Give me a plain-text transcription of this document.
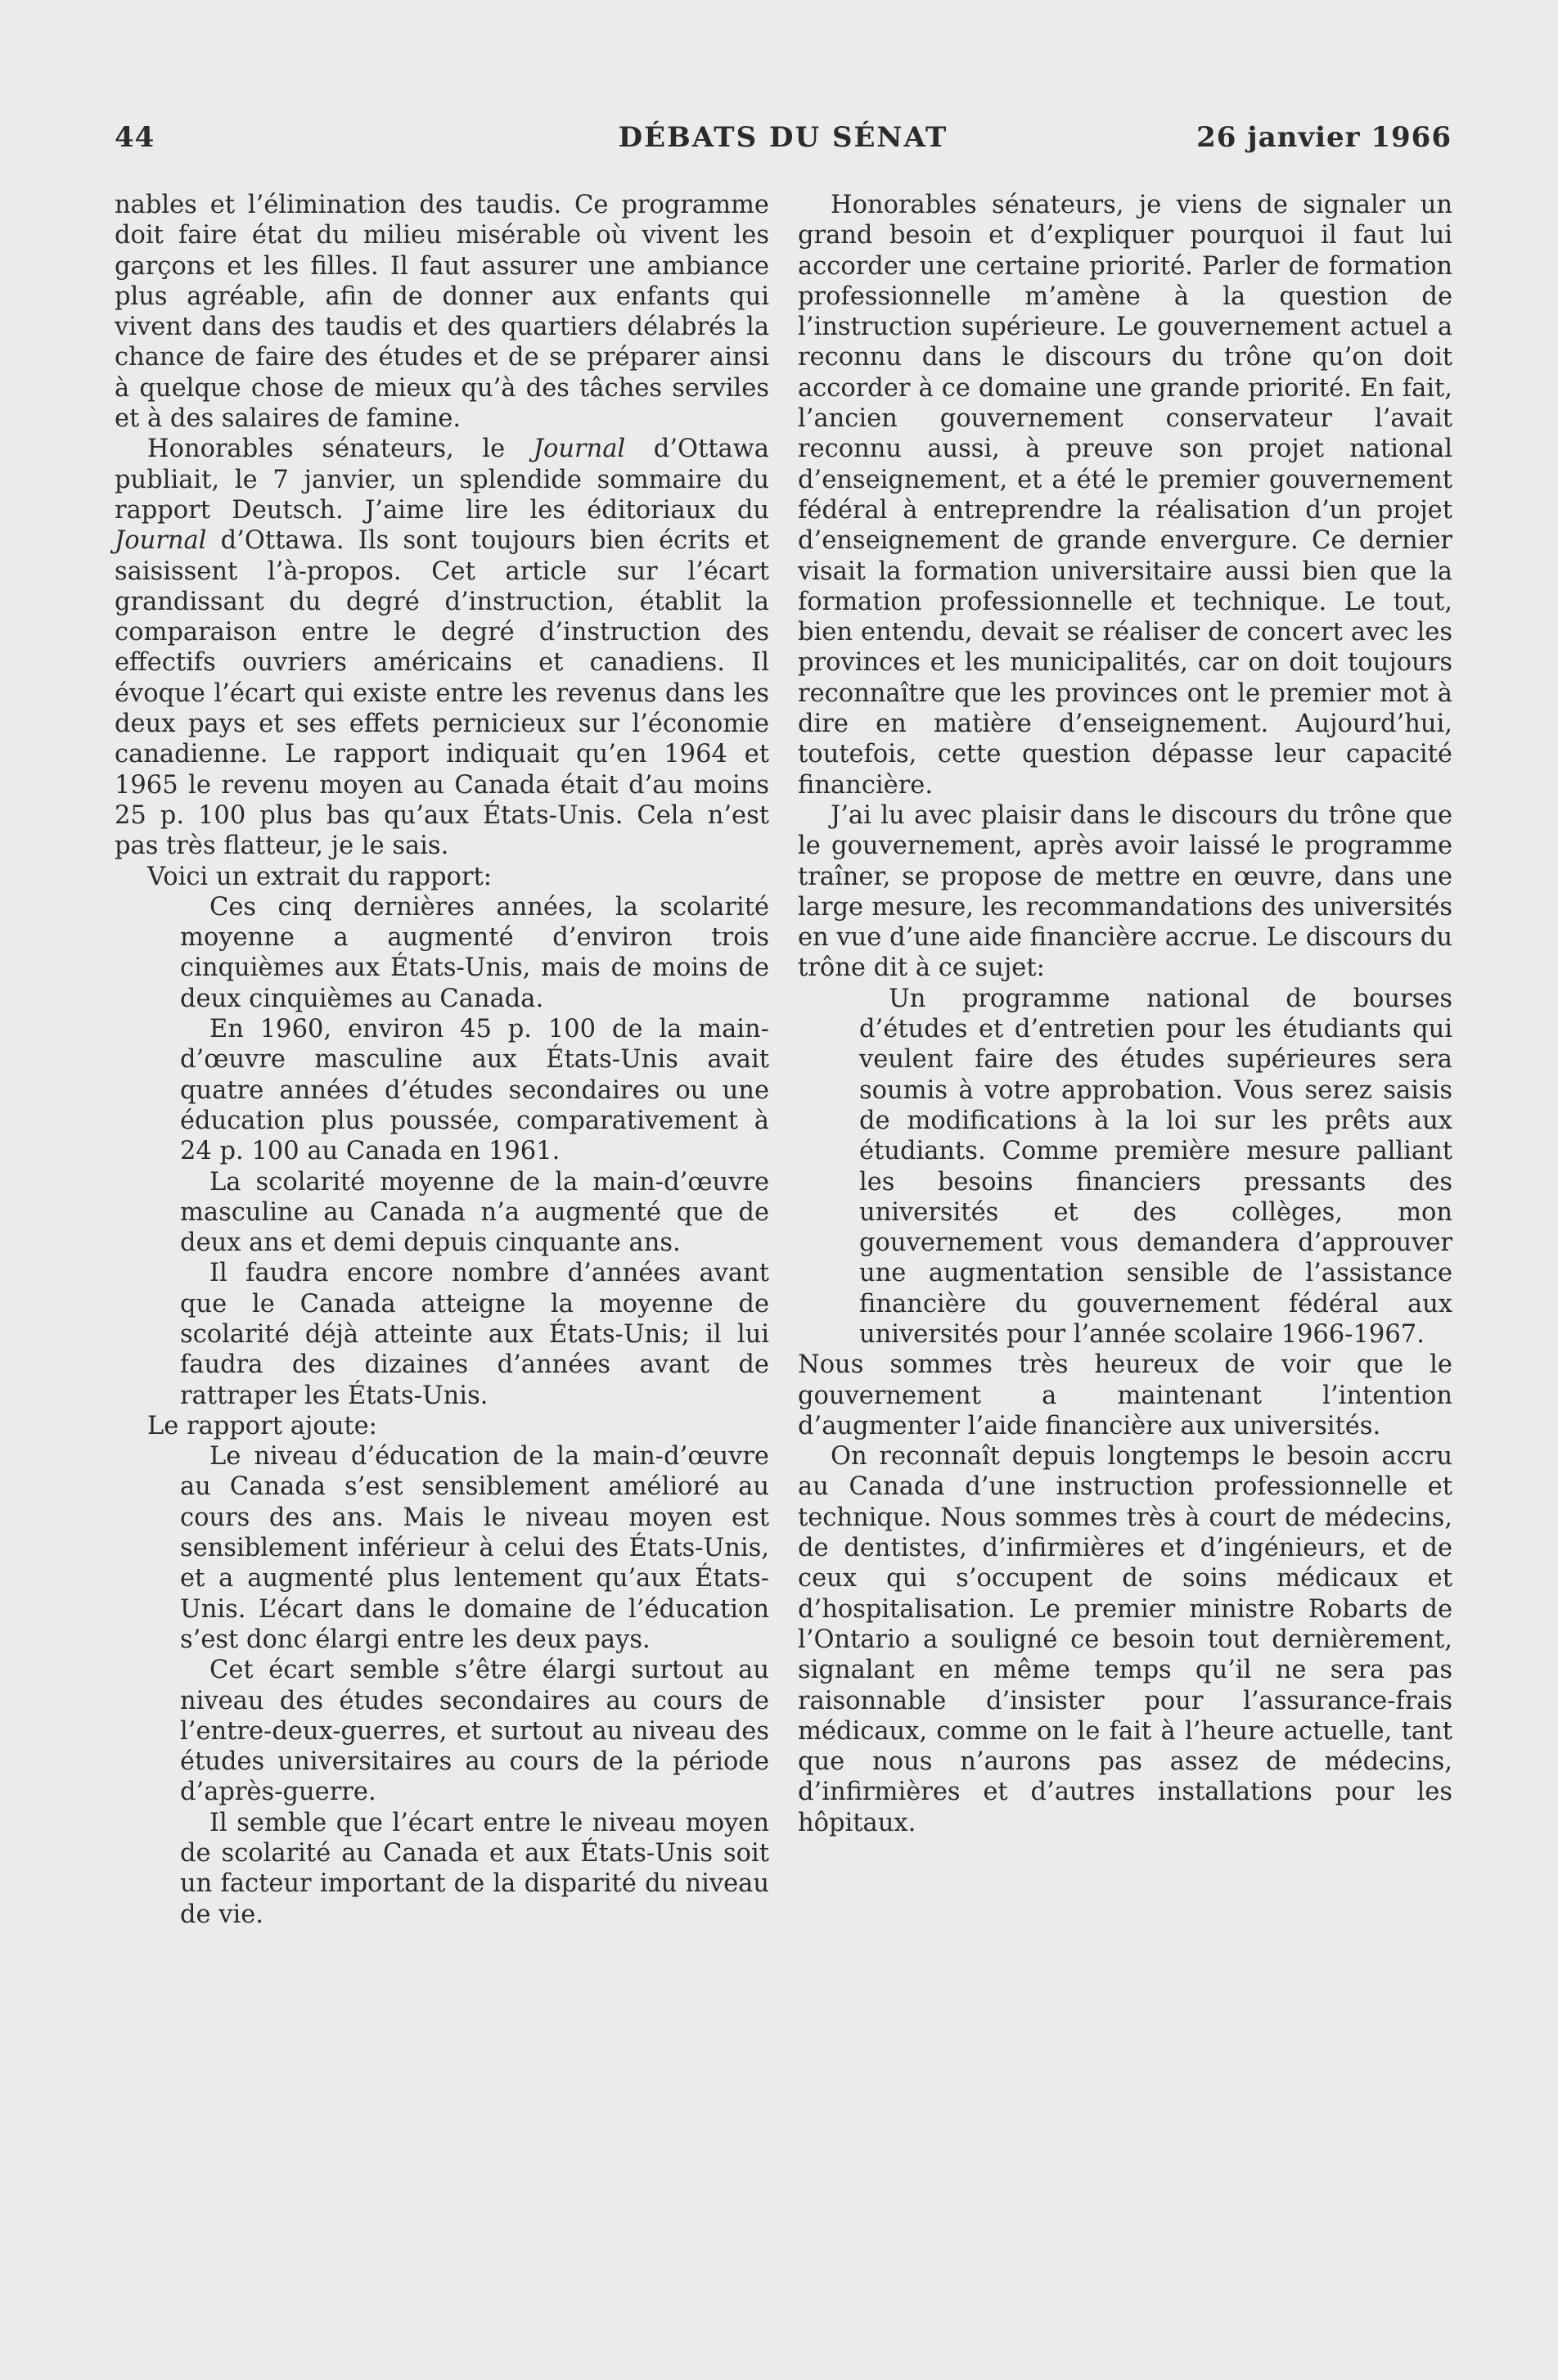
44	DÉBATS DU SÉNAT	26 janvier 1966

nables et l’élimination des taudis. Ce programme doit faire état du milieu misérable où vivent les garçons et les filles. Il faut assurer une ambiance plus agréable, afin de donner aux enfants qui vivent dans des taudis et des quartiers délabrés la chance de faire des études et de se préparer ainsi à quelque chose de mieux qu’à des tâches serviles et à des salaires de famine.

Honorables sénateurs, le Journal d’Ottawa publiait, le 7 janvier, un splendide sommaire du rapport Deutsch. J’aime lire les éditoriaux du Journal d’Ottawa. Ils sont toujours bien écrits et saisissent l’à-propos. Cet article sur l’écart grandissant du degré d’instruction, établit la comparaison entre le degré d’instruction des effectifs ouvriers américains et canadiens. Il évoque l’écart qui existe entre les revenus dans les deux pays et ses effets pernicieux sur l’économie canadienne. Le rapport indiquait qu’en 1964 et 1965 le revenu moyen au Canada était d’au moins 25 p. 100 plus bas qu’aux États-Unis. Cela n’est pas très flatteur, je le sais.

Voici un extrait du rapport:

Ces cinq dernières années, la scolarité moyenne a augmenté d’environ trois cinquièmes aux États-Unis, mais de moins de deux cinquièmes au Canada.

En 1960, environ 45 p. 100 de la main-d’œuvre masculine aux États-Unis avait quatre années d’études secondaires ou une éducation plus poussée, comparativement à 24 p. 100 au Canada en 1961.

La scolarité moyenne de la main-d’œuvre masculine au Canada n’a augmenté que de deux ans et demi depuis cinquante ans.

Il faudra encore nombre d’années avant que le Canada atteigne la moyenne de scolarité déjà atteinte aux États-Unis; il lui faudra des dizaines d’années avant de rattraper les États-Unis.

Le rapport ajoute:

Le niveau d’éducation de la main-d’œuvre au Canada s’est sensiblement amélioré au cours des ans. Mais le niveau moyen est sensiblement inférieur à celui des États-Unis, et a augmenté plus lentement qu’aux États-Unis. L’écart dans le domaine de l’éducation s’est donc élargi entre les deux pays.

Cet écart semble s’être élargi surtout au niveau des études secondaires au cours de l’entre-deux-guerres, et surtout au niveau des études universitaires au cours de la période d’après-guerre.

Il semble que l’écart entre le niveau moyen de scolarité au Canada et aux États-Unis soit un facteur important de la disparité du niveau de vie.

Honorables sénateurs, je viens de signaler un grand besoin et d’expliquer pourquoi il faut lui accorder une certaine priorité. Parler de formation professionnelle m’amène à la question de l’instruction supérieure. Le gouvernement actuel a reconnu dans le discours du trône qu’on doit accorder à ce domaine une grande priorité. En fait, l’ancien gouvernement conservateur l’avait reconnu aussi, à preuve son projet national d’enseignement, et a été le premier gouvernement fédéral à entreprendre la réalisation d’un projet d’enseignement de grande envergure. Ce dernier visait la formation universitaire aussi bien que la formation professionnelle et technique. Le tout, bien entendu, devait se réaliser de concert avec les provinces et les municipalités, car on doit toujours reconnaître que les provinces ont le premier mot à dire en matière d’enseignement. Aujourd’hui, toutefois, cette question dépasse leur capacité financière.

J’ai lu avec plaisir dans le discours du trône que le gouvernement, après avoir laissé le programme traîner, se propose de mettre en œuvre, dans une large mesure, les recommandations des universités en vue d’une aide financière accrue. Le discours du trône dit à ce sujet:

Un programme national de bourses d’études et d’entretien pour les étudiants qui veulent faire des études supérieures sera soumis à votre approbation. Vous serez saisis de modifications à la loi sur les prêts aux étudiants. Comme première mesure palliant les besoins financiers pressants des universités et des collèges, mon gouvernement vous demandera d’approuver une augmentation sensible de l’assistance financière du gouvernement fédéral aux universités pour l’année scolaire 1966-1967.

Nous sommes très heureux de voir que le gouvernement a maintenant l’intention d’augmenter l’aide financière aux universités.

On reconnaît depuis longtemps le besoin accru au Canada d’une instruction professionnelle et technique. Nous sommes très à court de médecins, de dentistes, d’infirmières et d’ingénieurs, et de ceux qui s’occupent de soins médicaux et d’hospitalisation. Le premier ministre Robarts de l’Ontario a souligné ce besoin tout dernièrement, signalant en même temps qu’il ne sera pas raisonnable d’insister pour l’assurance-frais médicaux, comme on le fait à l’heure actuelle, tant que nous n’aurons pas assez de médecins, d’infirmières et d’autres installations pour les hôpitaux.
